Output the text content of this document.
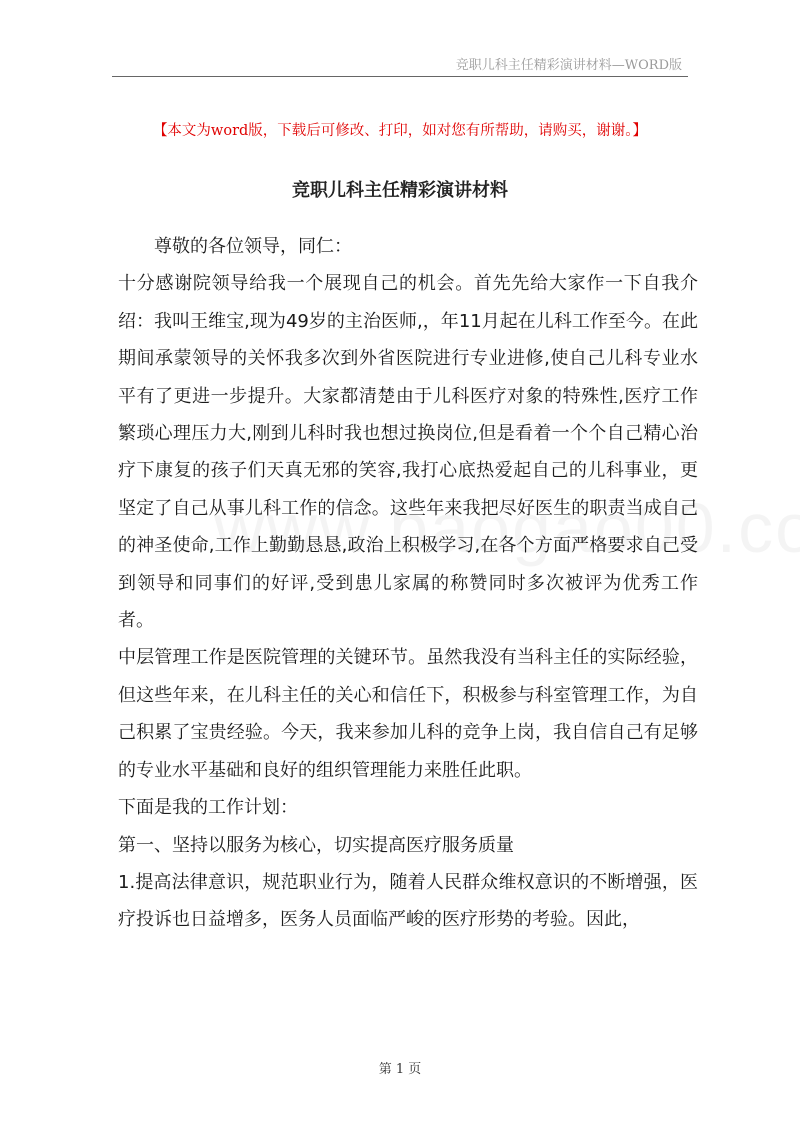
竞职儿科主任精彩演讲材料—WORD版
【本文为word版，下载后可修改、打印，如对您有所帮助，请购买，谢谢。】
竞职儿科主任精彩演讲材料

尊敬的各位领导，同仁：

十分感谢院领导给我一个展现自己的机会。首先先给大家作一下自我介绍：我叫王维宝,现为49岁的主治医师,，年11月起在儿科工作至今。在此期间承蒙领导的关怀我多次到外省医院进行专业进修,使自己儿科专业水平有了更进一步提升。大家都清楚由于儿科医疗对象的特殊性,医疗工作繁琐心理压力大,刚到儿科时我也想过换岗位,但是看着一个个自己精心治疗下康复的孩子们天真无邪的笑容,我打心底热爱起自己的儿科事业，更坚定了自己从事儿科工作的信念。这些年来我把尽好医生的职责当成自己的神圣使命,工作上勤勤恳恳,政治上积极学习,在各个方面严格要求自己受到领导和同事们的好评,受到患儿家属的称赞同时多次被评为优秀工作者。

中层管理工作是医院管理的关键环节。虽然我没有当科主任的实际经验，但这些年来，在儿科主任的关心和信任下，积极参与科室管理工作，为自己积累了宝贵经验。今天，我来参加儿科的竞争上岗，我自信自己有足够的专业水平基础和良好的组织管理能力来胜任此职。

下面是我的工作计划：

第一、坚持以服务为核心，切实提高医疗服务质量

1.提高法律意识，规范职业行为，随着人民群众维权意识的不断增强，医疗投诉也日益增多，医务人员面临严峻的医疗形势的考验。因此，

第 1 页
